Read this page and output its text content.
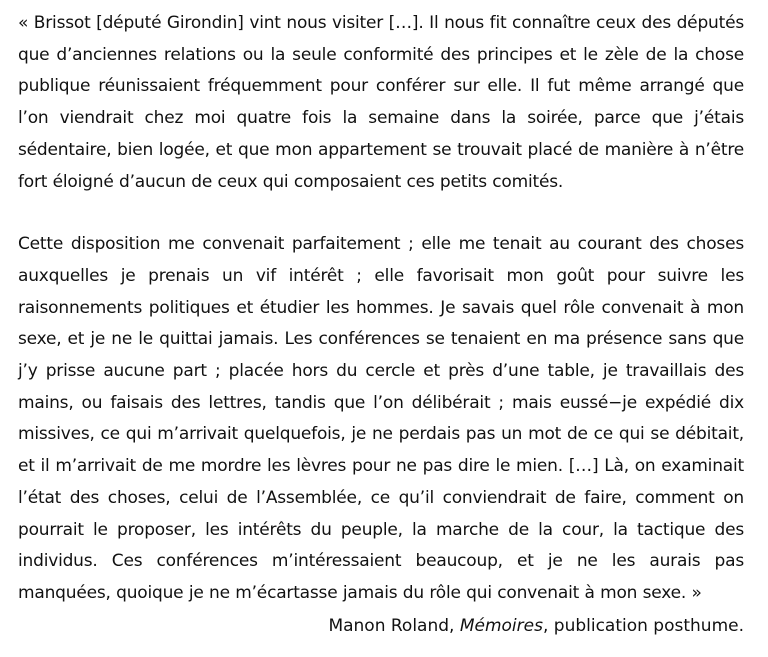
« Brissot [député Girondin] vint nous visiter […]. Il nous fit connaître ceux des députés que d’anciennes relations ou la seule conformité des principes et le zèle de la chose publique réunissaient fréquemment pour conférer sur elle. Il fut même arrangé que l’on viendrait chez moi quatre fois la semaine dans la soirée, parce que j’étais sédentaire, bien logée, et que mon appartement se trouvait placé de manière à n’être fort éloigné d’aucun de ceux qui composaient ces petits comités.

Cette disposition me convenait parfaitement ; elle me tenait au courant des choses auxquelles je prenais un vif intérêt ; elle favorisait mon goût pour suivre les raisonnements politiques et étudier les hommes. Je savais quel rôle convenait à mon sexe, et je ne le quittai jamais. Les conférences se tenaient en ma présence sans que j’y prisse aucune part ; placée hors du cercle et près d’une table, je travaillais des mains, ou faisais des lettres, tandis que l’on délibérait ; mais eussé−je expédié dix missives, ce qui m’arrivait quelquefois, je ne perdais pas un mot de ce qui se débitait, et il m’arrivait de me mordre les lèvres pour ne pas dire le mien. […] Là, on examinait l’état des choses, celui de l’Assemblée, ce qu’il conviendrait de faire, comment on pourrait le proposer, les intérêts du peuple, la marche de la cour, la tactique des individus. Ces conférences m’intéressaient beaucoup, et je ne les aurais pas manquées, quoique je ne m’écartasse jamais du rôle qui convenait à mon sexe. »

Manon Roland, Mémoires, publication posthume.
